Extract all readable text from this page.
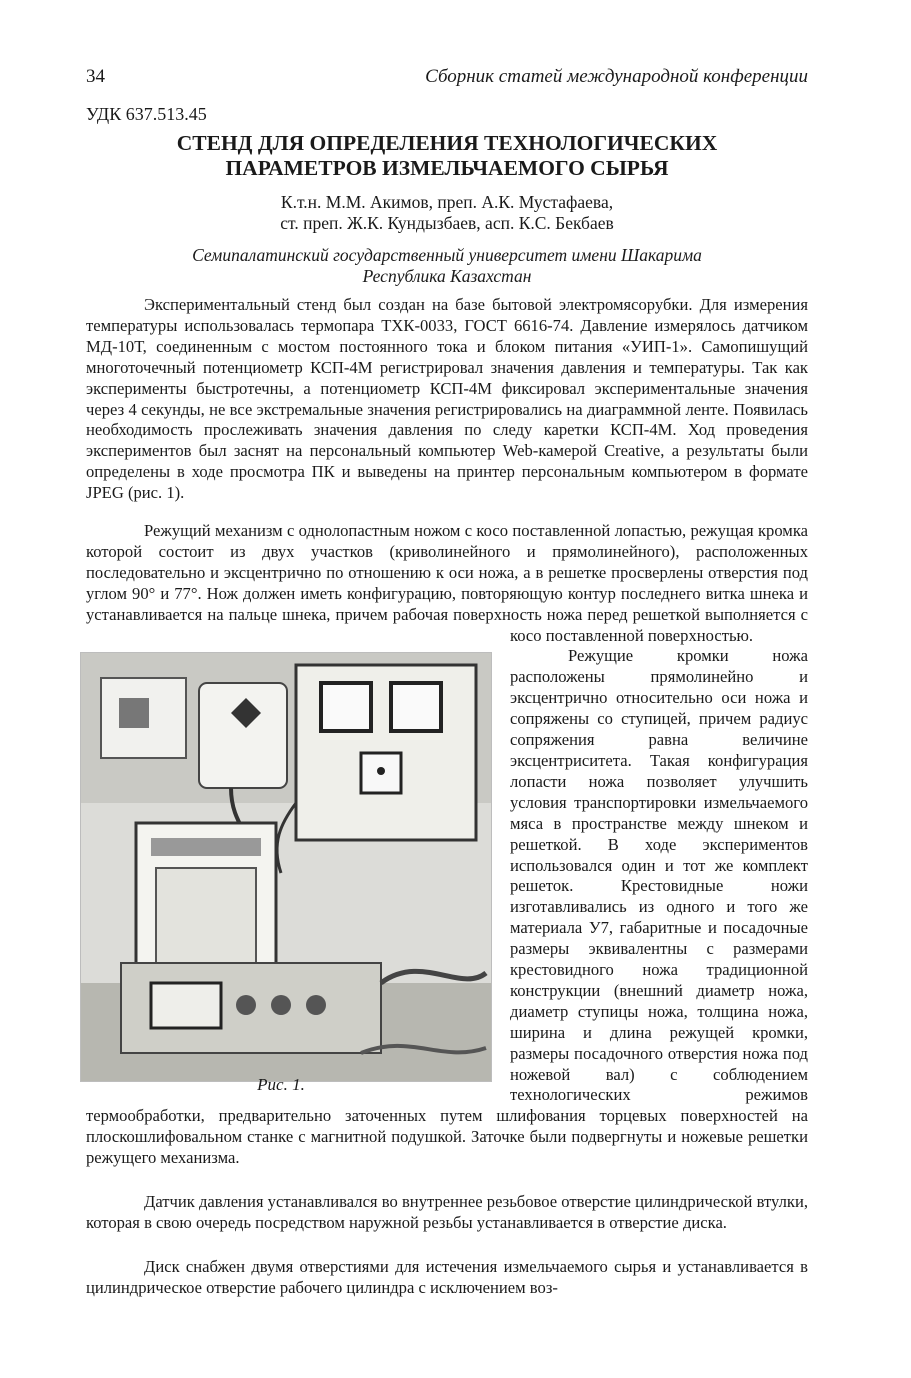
34	Сборник статей международной конференции
УДК 637.513.45
СТЕНД ДЛЯ ОПРЕДЕЛЕНИЯ ТЕХНОЛОГИЧЕСКИХ
ПАРАМЕТРОВ ИЗМЕЛЬЧАЕМОГО СЫРЬЯ
К.т.н. М.М. Акимов, преп. А.К. Мустафаева,
ст. преп. Ж.К. Кундызбаев, асп. К.С. Бекбаев
Семипалатинский государственный университет имени Шакарима
Республика Казахстан

Экспериментальный стенд был создан на базе бытовой электромясорубки. Для измерения температуры использовалась термопара ТХК-0033, ГОСТ 6616-74. Давление измерялось датчиком МД-10Т, соединенным с мостом постоянного тока и блоком питания «УИП-1». Самопишущий многоточечный потенциометр КСП-4М регистрировал значения давления и температуры. Так как эксперименты быстротечны, а потенциометр КСП-4М фиксировал экспериментальные значения через 4 секунды, не все экстремальные значения регистрировались на диаграммной ленте. Появилась необходимость прослеживать значения давления по следу каретки КСП-4М. Ход проведения экспериментов был заснят на персональный компьютер Web-камерой Creative, а результаты были определены в ходе просмотра ПК и выведены на принтер персональным компьютером в формате JPEG (рис. 1).

Режущий механизм с однолопастным ножом с косо поставленной лопастью, режущая кромка которой состоит из двух участков (криволинейного и прямолинейного), расположенных последовательно и эксцентрично по отношению к оси ножа, а в решетке просверлены отверстия под углом 90° и 77°. Нож должен иметь конфигурацию, повторяющую контур последнего витка шнека и устанавливается на пальце шнека, причем рабочая поверхность ножа перед решеткой выполняется с косо поставленной поверхностью.
Рис. 1.
Режущие кромки ножа расположены прямолинейно и эксцентрично относительно оси ножа и сопряжены со ступицей, причем радиус сопряжения равна величине эксцентриситета. Такая конфигурация лопасти ножа позволяет улучшить условия транспортировки измельчаемого мяса в пространстве между шнеком и решеткой. В ходе экспериментов использовался один и тот же комплект решеток. Крестовидные ножи изготавливались из одного и того же материала У7, габаритные и посадочные размеры эквивалентны с размерами крестовидного ножа традиционной конструкции (внешний диаметр ножа, диаметр ступицы ножа, толщина ножа, ширина и длина режущей кромки, размеры посадочного отверстия ножа под ножевой вал) с соблюдением технологических режимов термообработки, предварительно заточенных путем шлифования торцевых поверхностей на плоскошлифовальном станке с магнитной подушкой. Заточке были подвергнуты и ножевые решетки режущего механизма.

Датчик давления устанавливался во внутреннее резьбовое отверстие цилиндрической втулки, которая в свою очередь посредством наружной резьбы устанавливается в отверстие диска.

Диск снабжен двумя отверстиями для истечения измельчаемого сырья и устанавливается в цилиндрическое отверстие рабочего цилиндра с исключением воз-
